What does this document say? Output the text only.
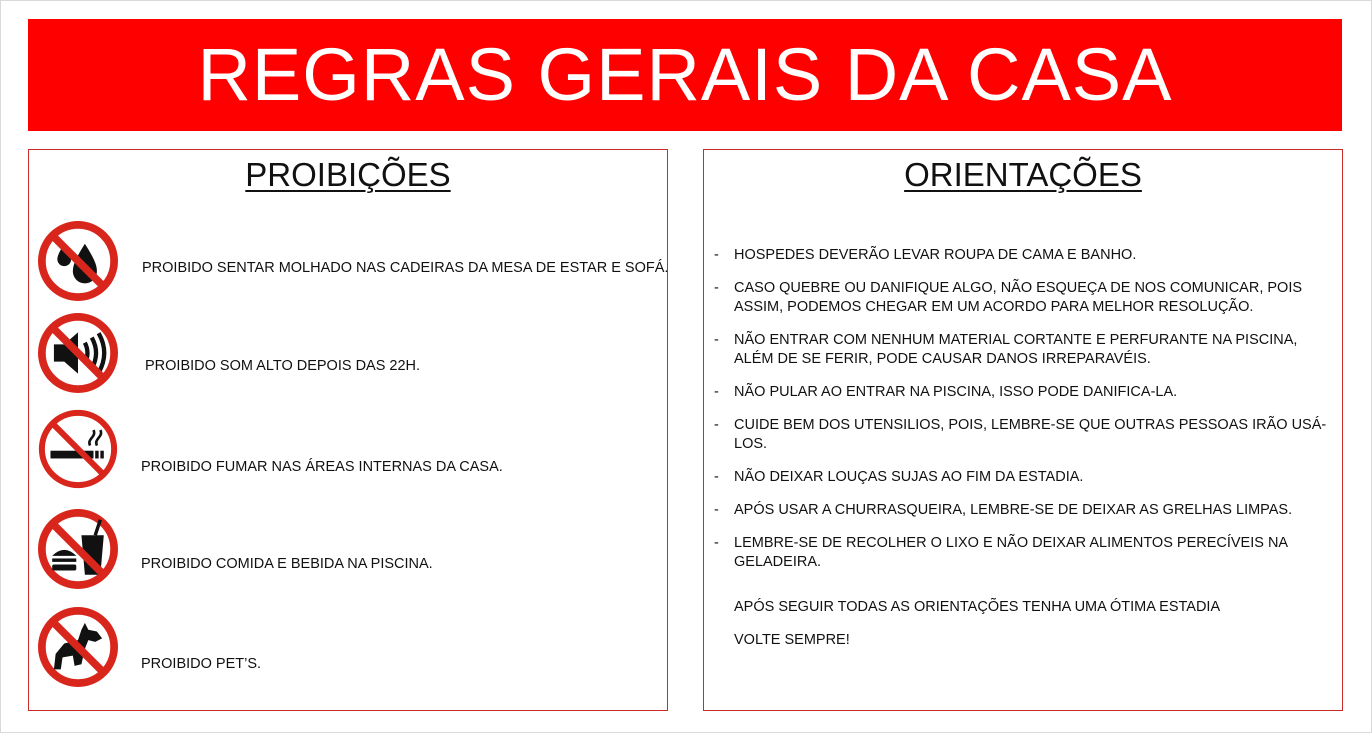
REGRAS GERAIS DA CASA
PROIBIÇÕES
PROIBIDO SENTAR MOLHADO NAS CADEIRAS DA MESA DE ESTAR E SOFÁ.
PROIBIDO SOM ALTO DEPOIS DAS 22H.
PROIBIDO FUMAR NAS ÁREAS INTERNAS DA CASA.
PROIBIDO COMIDA E BEBIDA NA PISCINA.
PROIBIDO PET’S.
ORIENTAÇÕES
- HOSPEDES DEVERÃO LEVAR ROUPA DE CAMA E BANHO.
- CASO QUEBRE OU DANIFIQUE ALGO, NÃO ESQUEÇA DE NOS COMUNICAR, POIS ASSIM, PODEMOS CHEGAR EM UM ACORDO PARA MELHOR RESOLUÇÃO.
- NÃO ENTRAR COM NENHUM MATERIAL CORTANTE E PERFURANTE NA PISCINA, ALÉM DE SE FERIR, PODE CAUSAR DANOS IRREPARAVÉIS.
- NÃO PULAR AO ENTRAR NA PISCINA, ISSO PODE DANIFICA-LA.
- CUIDE BEM DOS UTENSILIOS, POIS, LEMBRE-SE QUE OUTRAS PESSOAS IRÃO USÁ-LOS.
- NÃO DEIXAR LOUÇAS SUJAS AO FIM DA ESTADIA.
- APÓS USAR A CHURRASQUEIRA, LEMBRE-SE DE DEIXAR AS GRELHAS LIMPAS.
- LEMBRE-SE DE RECOLHER O LIXO E NÃO DEIXAR ALIMENTOS PERECÍVEIS NA GELADEIRA.
APÓS SEGUIR TODAS AS ORIENTAÇÕES TENHA UMA ÓTIMA ESTADIA
VOLTE SEMPRE!
